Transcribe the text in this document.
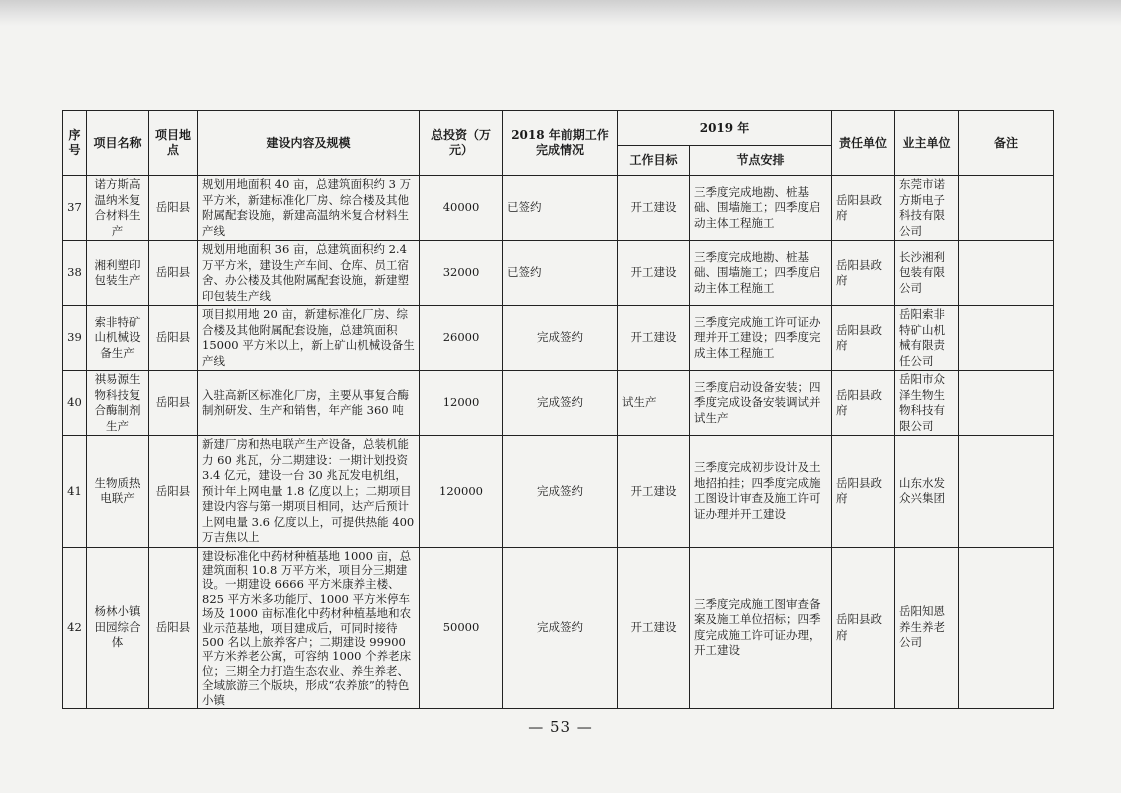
序号	项目名称	项目地点	建设内容及规模	总投资（万元）	2018 年前期工作完成情况	2019 年		责任单位	业主单位	备注
						工作目标	节点安排			
37	诺方斯高温纳米复合材料生产	岳阳县	规划用地面积 40 亩，总建筑面积约 3 万平方米，新建标准化厂房、综合楼及其他附属配套设施，新建高温纳米复合材料生产线	40000	已签约	开工建设	三季度完成地勘、桩基础、围墙施工；四季度启动主体工程施工	岳阳县政府	东莞市诺方斯电子科技有限公司	
38	湘利塑印包装生产	岳阳县	规划用地面积 36 亩，总建筑面积约 2.4 万平方米，建设生产车间、仓库、员工宿舍、办公楼及其他附属配套设施，新建塑印包装生产线	32000	已签约	开工建设	三季度完成地勘、桩基础、围墙施工；四季度启动主体工程施工	岳阳县政府	长沙湘利包装有限公司	
39	索非特矿山机械设备生产	岳阳县	项目拟用地 20 亩，新建标准化厂房、综合楼及其他附属配套设施，总建筑面积 15000 平方米以上，新上矿山机械设备生产线	26000	完成签约	开工建设	三季度完成施工许可证办理并开工建设；四季度完成主体工程施工	岳阳县政府	岳阳索非特矿山机械有限责任公司	
40	祺易源生物科技复合酶制剂生产	岳阳县	入驻高新区标准化厂房，主要从事复合酶制剂研发、生产和销售，年产能 360 吨	12000	完成签约	试生产	三季度启动设备安装；四季度完成设备安装调试并试生产	岳阳县政府	岳阳市众泽生物生物科技有限公司	
41	生物质热电联产	岳阳县	新建厂房和热电联产生产设备，总装机能力 60 兆瓦，分二期建设：一期计划投资 3.4 亿元，建设一台 30 兆瓦发电机组，预计年上网电量 1.8 亿度以上；二期项目建设内容与第一期项目相同，达产后预计上网电量 3.6 亿度以上，可提供热能 400 万吉焦以上	120000	完成签约	开工建设	三季度完成初步设计及土地招拍挂；四季度完成施工图设计审查及施工许可证办理并开工建设	岳阳县政府	山东水发众兴集团	
42	杨林小镇田园综合体	岳阳县	建设标准化中药材种植基地 1000 亩，总建筑面积 10.8 万平方米，项目分三期建设。一期建设 6666 平方米康养主楼、825 平方米多功能厅、1000 平方米停车场及 1000 亩标准化中药材种植基地和农业示范基地，项目建成后，可同时接待 500 名以上旅养客户；二期建设 99900 平方米养老公寓，可容纳 1000 个养老床位；三期全力打造生态农业、养生养老、全域旅游三个版块，形成“农养旅”的特色小镇	50000	完成签约	开工建设	三季度完成施工图审查备案及施工单位招标；四季度完成施工许可证办理，开工建设	岳阳县政府	岳阳知恩养生养老公司	
— 53 —
